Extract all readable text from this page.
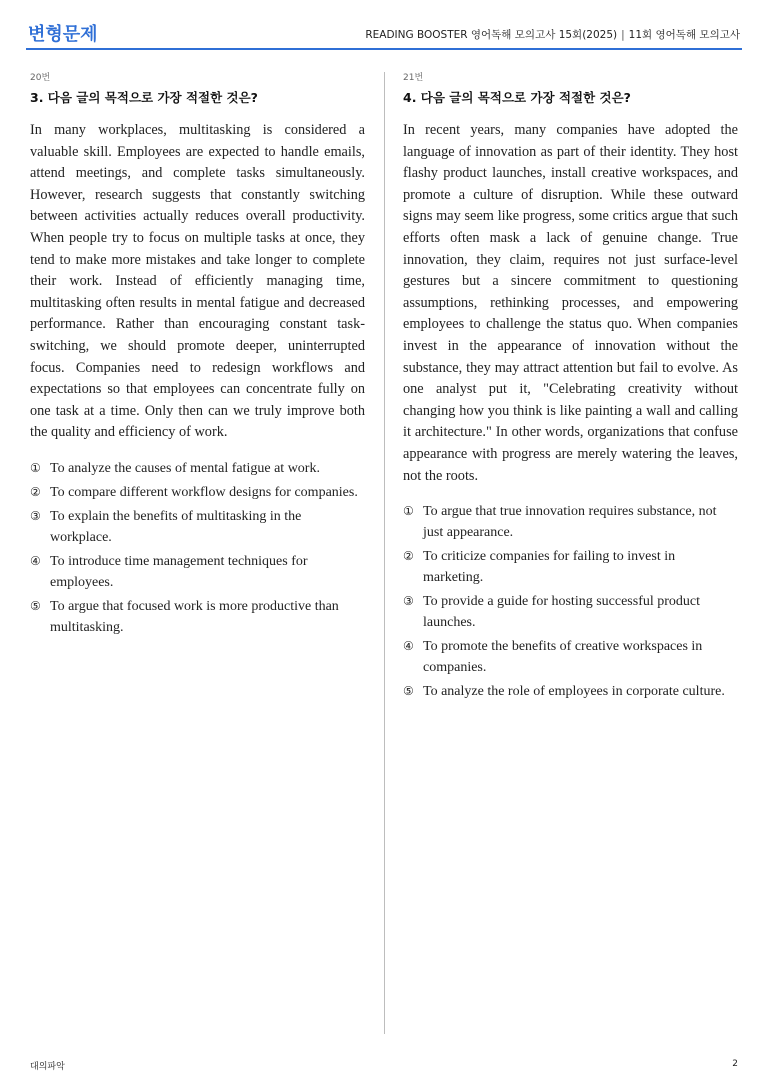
변형문제	READING BOOSTER 영어독해 모의고사 15회(2025) | 11회 영어독해 모의고사
20번
3. 다음 글의 목적으로 가장 적절한 것은?

In many workplaces, multitasking is considered a valuable skill. Employees are expected to handle emails, attend meetings, and complete tasks simultaneously. However, research suggests that constantly switching between activities actually reduces overall productivity. When people try to focus on multiple tasks at once, they tend to make more mistakes and take longer to complete their work. Instead of efficiently managing time, multitasking often results in mental fatigue and decreased performance. Rather than encouraging constant task-switching, we should promote deeper, uninterrupted focus. Companies need to redesign workflows and expectations so that employees can concentrate fully on one task at a time. Only then can we truly improve both the quality and efficiency of work.

① To analyze the causes of mental fatigue at work.
② To compare different workflow designs for companies.
③ To explain the benefits of multitasking in the workplace.
④ To introduce time management techniques for employees.
⑤ To argue that focused work is more productive than multitasking.
21번
4. 다음 글의 목적으로 가장 적절한 것은?

In recent years, many companies have adopted the language of innovation as part of their identity. They host flashy product launches, install creative workspaces, and promote a culture of disruption. While these outward signs may seem like progress, some critics argue that such efforts often mask a lack of genuine change. True innovation, they claim, requires not just surface-level gestures but a sincere commitment to questioning assumptions, rethinking processes, and empowering employees to challenge the status quo. When companies invest in the appearance of innovation without the substance, they may attract attention but fail to evolve. As one analyst put it, "Celebrating creativity without changing how you think is like painting a wall and calling it architecture." In other words, organizations that confuse appearance with progress are merely watering the leaves, not the roots.

① To argue that true innovation requires substance, not just appearance.
② To criticize companies for failing to invest in marketing.
③ To provide a guide for hosting successful product launches.
④ To promote the benefits of creative workspaces in companies.
⑤ To analyze the role of employees in corporate culture.
대의파악	2
